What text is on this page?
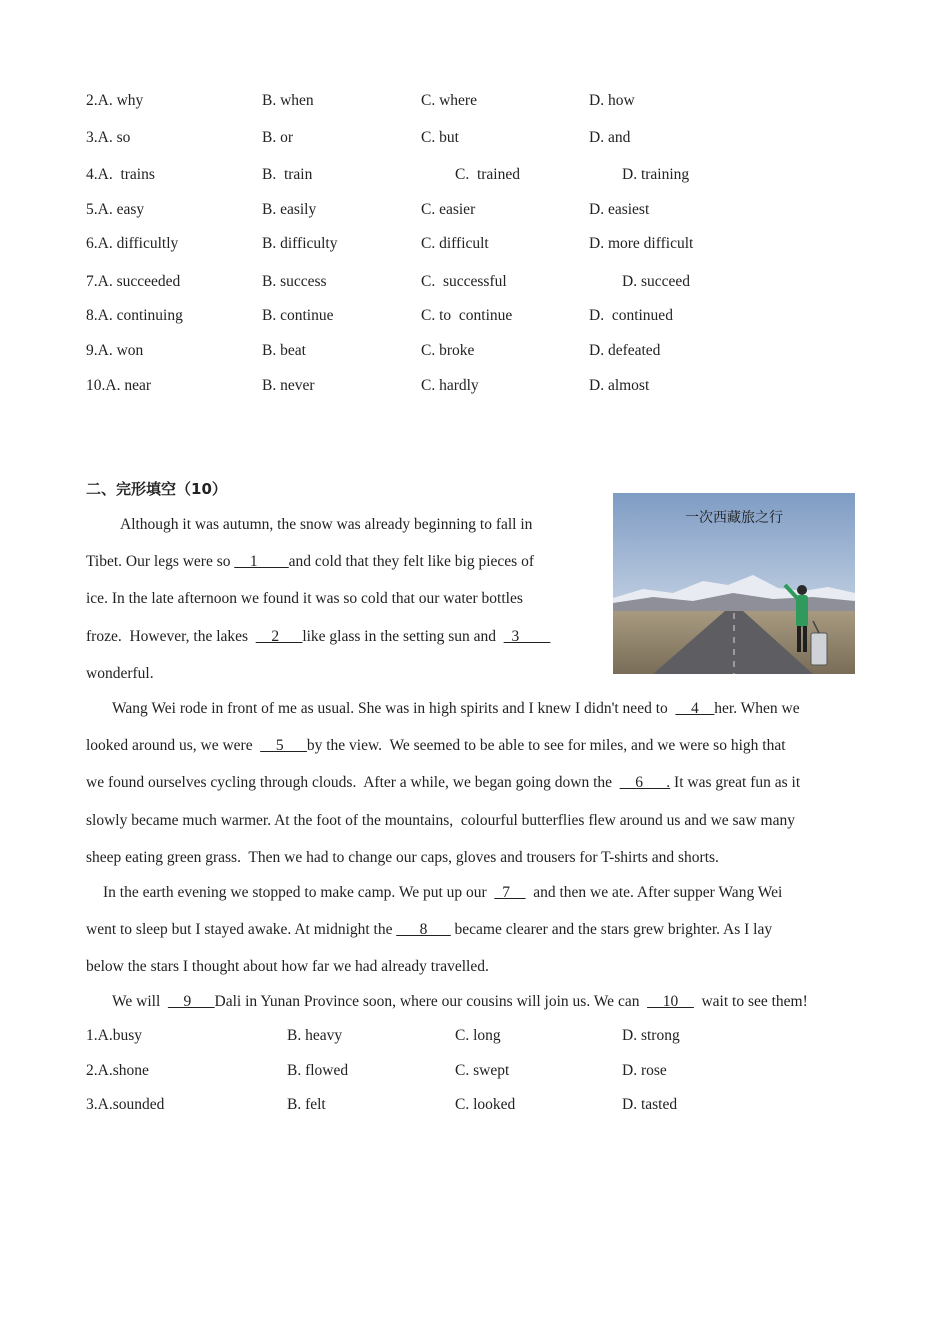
2.A. why	B. when	C. where	D. how
3.A. so	B. or	C. but	D. and
4.A.  trains	B.  train	C.  trained	D. training
5.A. easy	B. easily	C. easier	D. easiest
6.A. difficultly	B. difficulty	C. difficult	D. more difficult
7.A. succeeded	B. success	C.  successful	D. succeed
8.A. continuing	B. continue	C. to  continue	D.  continued
9.A. won	B. beat	C. broke	D. defeated
10.A. near	B. never	C. hardly	D. almost
二、完形填空（10）
一次西藏旅之行
Although it was autumn, the snow was already beginning to fall in
Tibet. Our legs were so __1____and cold that they felt like big pieces of
ice. In the late afternoon we found it was so cold that our water bottles
froze.  However, the lakes  __2___like glass in the setting sun and  _3____
wonderful.
Wang Wei rode in front of me as usual. She was in high spirits and I knew I didn't need to  __4__her. When we
looked around us, we were  __5___by the view.  We seemed to be able to see for miles, and we were so high that
we found ourselves cycling through clouds.  After a while, we began going down the  __6___. It was great fun as it
slowly became much warmer. At the foot of the mountains,  colourful butterflies flew around us and we saw many
sheep eating green grass.  Then we had to change our caps, gloves and trousers for T-shirts and shorts.
In the earth evening we stopped to make camp. We put up our  _7__  and then we ate. After supper Wang Wei
went to sleep but I stayed awake. At midnight the ___8___ became clearer and the stars grew brighter. As I lay
below the stars I thought about how far we had already travelled.
We will  __9___Dali in Yunan Province soon, where our cousins will join us. We can  __10__  wait to see them!
1.A.busy	B. heavy	C. long	D. strong
2.A.shone	B. flowed	C. swept	D. rose
3.A.sounded	B. felt	C. looked	D. tasted
